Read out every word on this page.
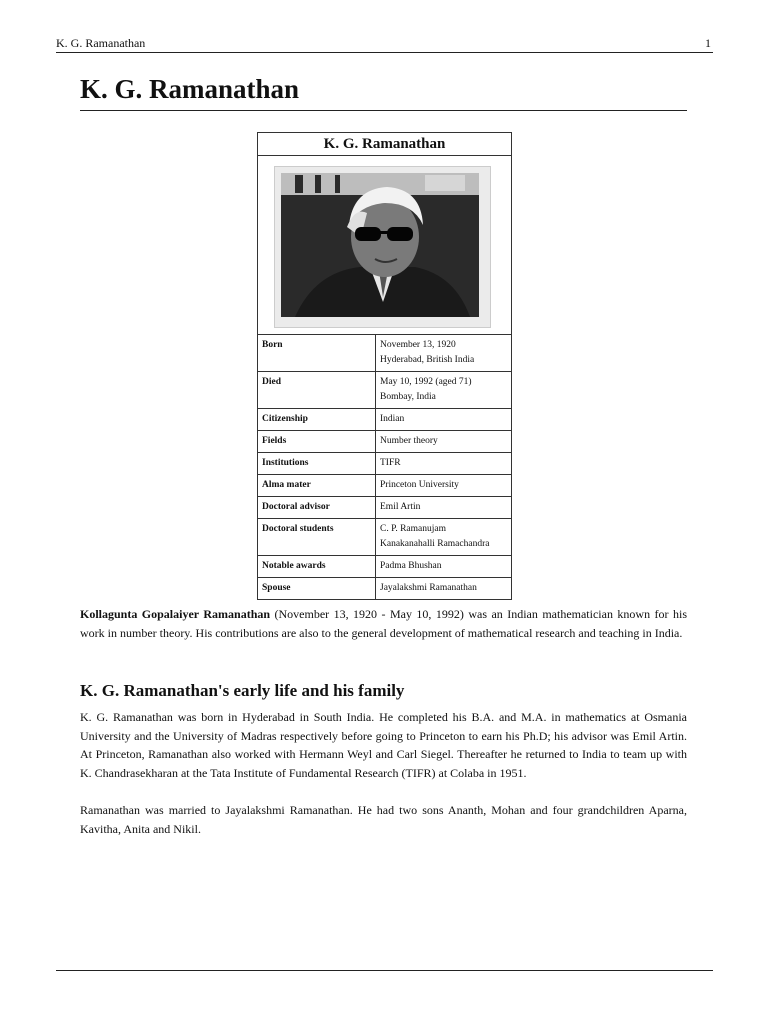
K. G. Ramanathan	1
K. G. Ramanathan
K. G. Ramanathan
Born	November 13, 1920
Hyderabad, British India
Died	May 10, 1992 (aged 71)
Bombay, India
Citizenship	Indian
Fields	Number theory
Institutions	TIFR
Alma mater	Princeton University
Doctoral advisor	Emil Artin
Doctoral students	C. P. Ramanujam
Kanakanahalli Ramachandra
Notable awards	Padma Bhushan
Spouse	Jayalakshmi Ramanathan

Kollagunta Gopalaiyer Ramanathan (November 13, 1920 - May 10, 1992) was an Indian mathematician known for his work in number theory. His contributions are also to the general development of mathematical research and teaching in India.

K. G. Ramanathan's early life and his family

K. G. Ramanathan was born in Hyderabad in South India. He completed his B.A. and M.A. in mathematics at Osmania University and the University of Madras respectively before going to Princeton to earn his Ph.D; his advisor was Emil Artin. At Princeton, Ramanathan also worked with Hermann Weyl and Carl Siegel. Thereafter he returned to India to team up with K. Chandrasekharan at the Tata Institute of Fundamental Research (TIFR) at Colaba in 1951.

Ramanathan was married to Jayalakshmi Ramanathan. He had two sons Ananth, Mohan and four grandchildren Aparna, Kavitha, Anita and Nikil.
